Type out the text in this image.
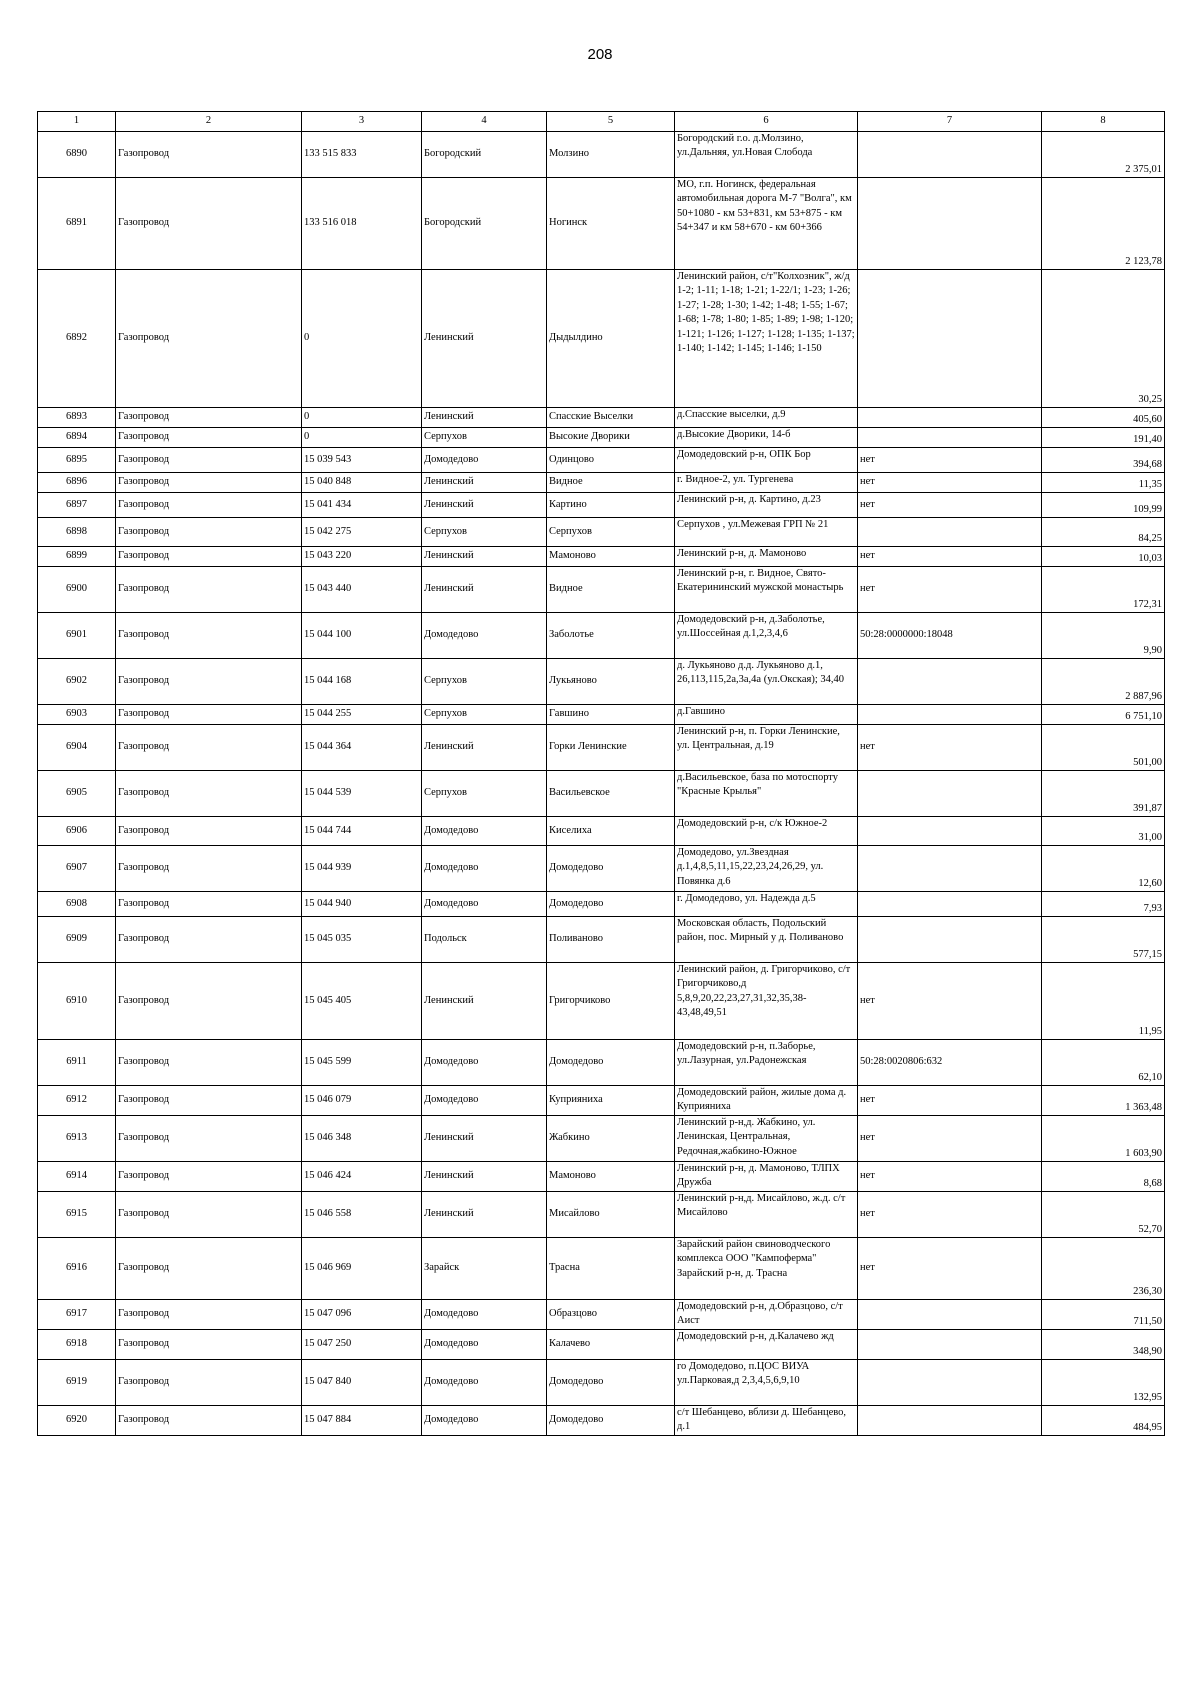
208
1	2	3	4	5	6	7	8
6890	Газопровод	133 515 833	Богородский	Молзино	Богородский г.о. д.Молзино, ул.Дальняя, ул.Новая Слобода		2 375,01
6891	Газопровод	133 516 018	Богородский	Ногинск	МО, г.п. Ногинск, федеральная автомобильная дорога М-7 "Волга", км 50+1080 - км 53+831, км 53+875 - км 54+347 и км 58+670 - км 60+366		2 123,78
6892	Газопровод	0	Ленинский	Дыдылдино	Ленинский район, с/т"Колхозник", ж/д 1-2; 1-11; 1-18; 1-21; 1-22/1; 1-23; 1-26; 1-27; 1-28; 1-30; 1-42; 1-48; 1-55; 1-67; 1-68; 1-78; 1-80; 1-85; 1-89; 1-98; 1-120; 1-121; 1-126; 1-127; 1-128; 1-135; 1-137; 1-140; 1-142; 1-145; 1-146; 1-150		30,25
6893	Газопровод	0	Ленинский	Спасские Выселки	д.Спасские выселки, д.9		405,60
6894	Газопровод	0	Серпухов	Высокие Дворики	д.Высокие Дворики, 14-б		191,40
6895	Газопровод	15 039 543	Домодедово	Одинцово	Домодедовский р-н, ОПК Бор	нет	394,68
6896	Газопровод	15 040 848	Ленинский	Видное	г. Видное-2, ул. Тургенева	нет	11,35
6897	Газопровод	15 041 434	Ленинский	Картино	Ленинский р-н, д. Картино, д.23	нет	109,99
6898	Газопровод	15 042 275	Серпухов	Серпухов	Серпухов , ул.Межевая ГРП № 21		84,25
6899	Газопровод	15 043 220	Ленинский	Мамоново	Ленинский р-н, д. Мамоново	нет	10,03
6900	Газопровод	15 043 440	Ленинский	Видное	Ленинский р-н, г. Видное, Свято-Екатерининский мужской монастырь	нет	172,31
6901	Газопровод	15 044 100	Домодедово	Заболотье	Домодедовский р-н, д.Заболотье, ул.Шоссейная д.1,2,3,4,6	50:28:0000000:18048	9,90
6902	Газопровод	15 044 168	Серпухов	Лукьяново	д. Лукьяново д.д. Лукьяново д.1, 26,113,115,2а,3а,4а (ул.Окская); 34,40		2 887,96
6903	Газопровод	15 044 255	Серпухов	Гавшино	д.Гавшино		6 751,10
6904	Газопровод	15 044 364	Ленинский	Горки Ленинские	Ленинский р-н, п. Горки Ленинские, ул. Центральная, д.19	нет	501,00
6905	Газопровод	15 044 539	Серпухов	Васильевское	д.Васильевское, база по мотоспорту "Красные Крылья"		391,87
6906	Газопровод	15 044 744	Домодедово	Киселиха	Домодедовский р-н, с/к Южное-2		31,00
6907	Газопровод	15 044 939	Домодедово	Домодедово	Домодедово, ул.Звездная д.1,4,8,5,11,15,22,23,24,26,29, ул. Повянка д.6		12,60
6908	Газопровод	15 044 940	Домодедово	Домодедово	г. Домодедово, ул. Надежда д.5		7,93
6909	Газопровод	15 045 035	Подольск	Поливаново	Московская область, Подольский район, пос. Мирный у д. Поливаново		577,15
6910	Газопровод	15 045 405	Ленинский	Григорчиково	Ленинский район, д. Григорчиково, с/т Григорчиково,д 5,8,9,20,22,23,27,31,32,35,38-43,48,49,51	нет	11,95
6911	Газопровод	15 045 599	Домодедово	Домодедово	Домодедовский р-н, п.Заборье, ул.Лазурная, ул.Радонежская	50:28:0020806:632	62,10
6912	Газопровод	15 046 079	Домодедово	Куприяниха	Домодедовский район, жилые дома д. Куприяниха	нет	1 363,48
6913	Газопровод	15 046 348	Ленинский	Жабкино	Ленинский р-н,д. Жабкино, ул. Ленинская, Центральная, Редочная,жабкино-Южное	нет	1 603,90
6914	Газопровод	15 046 424	Ленинский	Мамоново	Ленинский р-н, д. Мамоново, ТЛПХ Дружба	нет	8,68
6915	Газопровод	15 046 558	Ленинский	Мисайлово	Ленинский р-н,д. Мисайлово, ж.д. с/т Мисайлово	нет	52,70
6916	Газопровод	15 046 969	Зарайск	Трасна	Зарайский район свиноводческого комплекса ООО "Кампоферма" Зарайский р-н, д. Трасна	нет	236,30
6917	Газопровод	15 047 096	Домодедово	Образцово	Домодедовский р-н, д.Образцово, с/т Аист		711,50
6918	Газопровод	15 047 250	Домодедово	Калачево	Домодедовский р-н, д.Калачево жд		348,90
6919	Газопровод	15 047 840	Домодедово	Домодедово	го Домодедово, п.ЦОС ВИУА ул.Парковая,д 2,3,4,5,6,9,10		132,95
6920	Газопровод	15 047 884	Домодедово	Домодедово	с/т Шебанцево, вблизи д. Шебанцево, д.1		484,95
